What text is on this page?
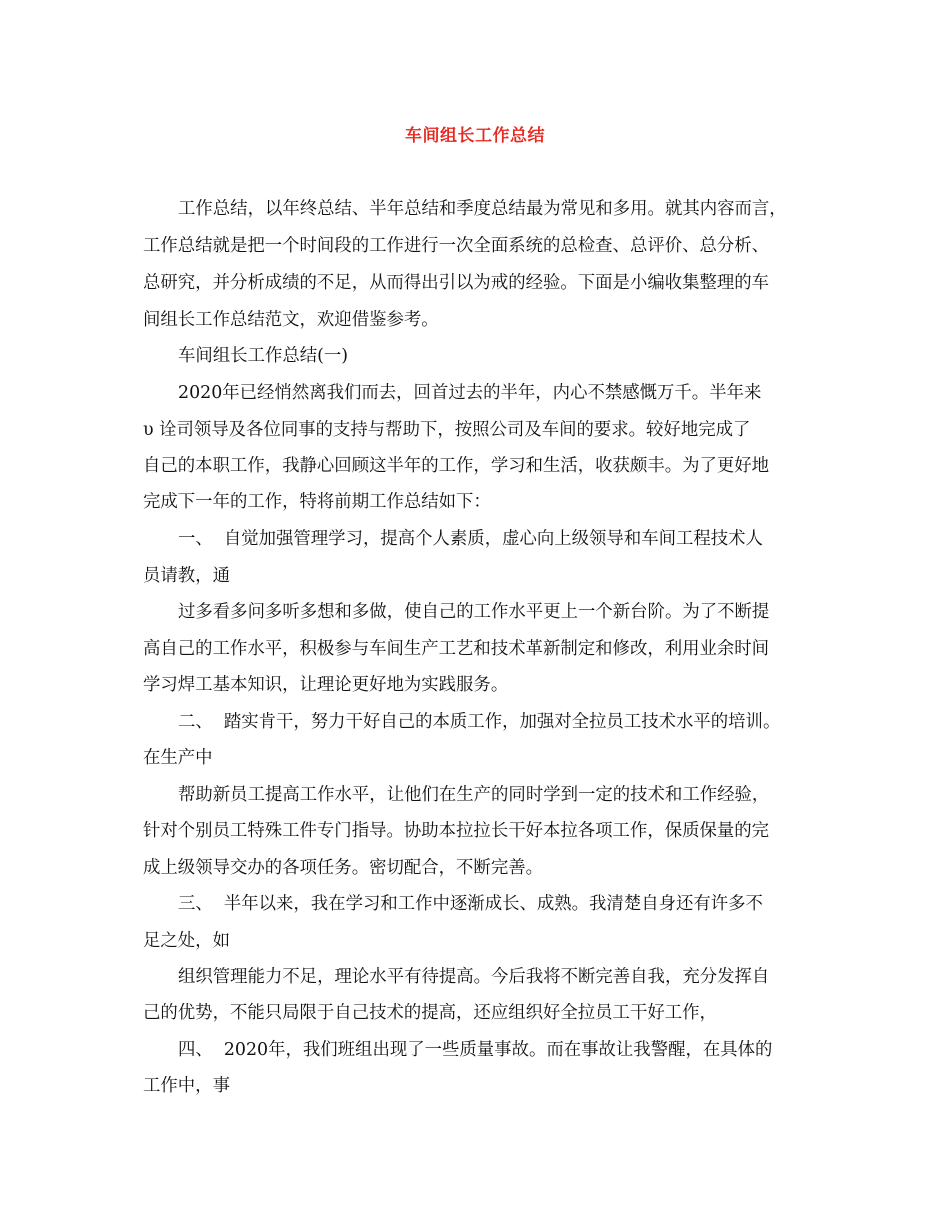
车间组长工作总结
工作总结，以年终总结、半年总结和季度总结最为常见和多用。就其内容而言，
工作总结就是把一个时间段的工作进行一次全面系统的总检查、总评价、总分析、
总研究，并分析成绩的不足，从而得出引以为戒的经验。下面是小编收集整理的车
间组长工作总结范文，欢迎借鉴参考。
车间组长工作总结(一)
2020年已经悄然离我们而去，回首过去的半年，内心不禁感慨万千。半年来
υ 诠司领导及各位同事的支持与帮助下，按照公司及车间的要求。较好地完成了
自己的本职工作，我静心回顾这半年的工作，学习和生活，收获颇丰。为了更好地
完成下一年的工作，特将前期工作总结如下：
一、  自觉加强管理学习，提高个人素质，虚心向上级领导和车间工程技术人
员请教，通
过多看多问多听多想和多做，使自己的工作水平更上一个新台阶。为了不断提
高自己的工作水平，积极参与车间生产工艺和技术革新制定和修改，利用业余时间
学习焊工基本知识，让理论更好地为实践服务。
二、  踏实肯干，努力干好自己的本质工作，加强对全拉员工技术水平的培训。
在生产中
帮助新员工提高工作水平，让他们在生产的同时学到一定的技术和工作经验，
针对个别员工特殊工件专门指导。协助本拉拉长干好本拉各项工作，保质保量的完
成上级领导交办的各项任务。密切配合，不断完善。
三、  半年以来，我在学习和工作中逐渐成长、成熟。我清楚自身还有许多不
足之处，如
组织管理能力不足，理论水平有待提高。今后我将不断完善自我，充分发挥自
己的优势，不能只局限于自己技术的提高，还应组织好全拉员工干好工作，
四、  2020年，我们班组出现了一些质量事故。而在事故让我警醒，在具体的
工作中，事
